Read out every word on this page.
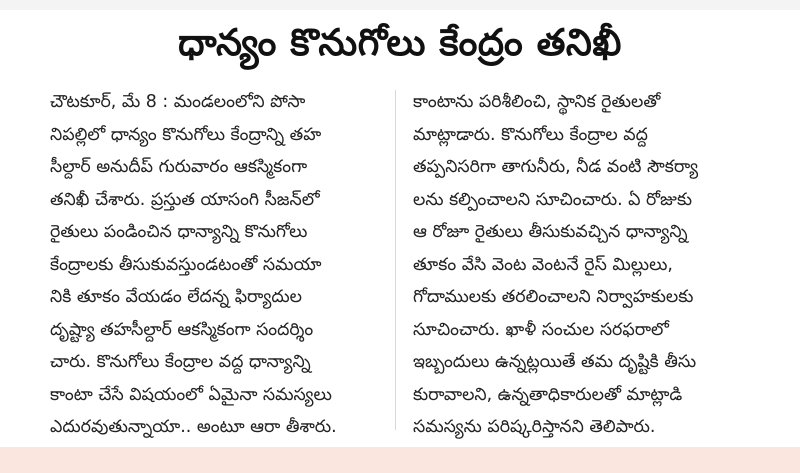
ధాన్యం కొనుగోలు కేంద్రం తనిఖీ
చౌటకూర్, మే 8 : మండలంలోని పోసా
నిపల్లిలో ధాన్యం కొనుగోలు కేంద్రాన్ని తహ
సీల్దార్ అనుదీప్ గురువారం ఆకస్మికంగా
తనిఖీ చేశారు. ప్రస్తుత యాసంగి సీజన్‌లో
రైతులు పండించిన ధాన్యాన్ని కొనుగోలు
కేంద్రాలకు తీసుకువస్తుండటంతో సమయా
నికి తూకం వేయడం లేదన్న ఫిర్యాదుల
దృష్ట్యా తహసీల్దార్ ఆకస్మికంగా సందర్శిం
చారు. కొనుగోలు కేంద్రాల వద్ద ధాన్యాన్ని
కాంటా చేసే విషయంలో ఏమైనా సమస్యలు
ఎదురవుతున్నాయా.. అంటూ ఆరా తీశారు.
కాంటాను పరిశీలించి, స్థానిక రైతులతో
మాట్లాడారు. కొనుగోలు కేంద్రాల వద్ద
తప్పనిసరిగా తాగునీరు, నీడ వంటి సౌకర్యా
లను కల్పించాలని సూచించారు. ఏ రోజుకు
ఆ రోజూ రైతులు తీసుకువచ్చిన ధాన్యాన్ని
తూకం వేసి వెంట వెంటనే రైస్ మిల్లులు,
గోదాములకు తరలించాలని నిర్వాహకులకు
సూచించారు. ఖాళీ సంచుల సరఫరాలో
ఇబ్బందులు ఉన్నట్లయితే తమ దృష్టికి తీసు
కురావాలని, ఉన్నతాధికారులతో మాట్లాడి
సమస్యను పరిష్కరిస్తానని తెలిపారు.
